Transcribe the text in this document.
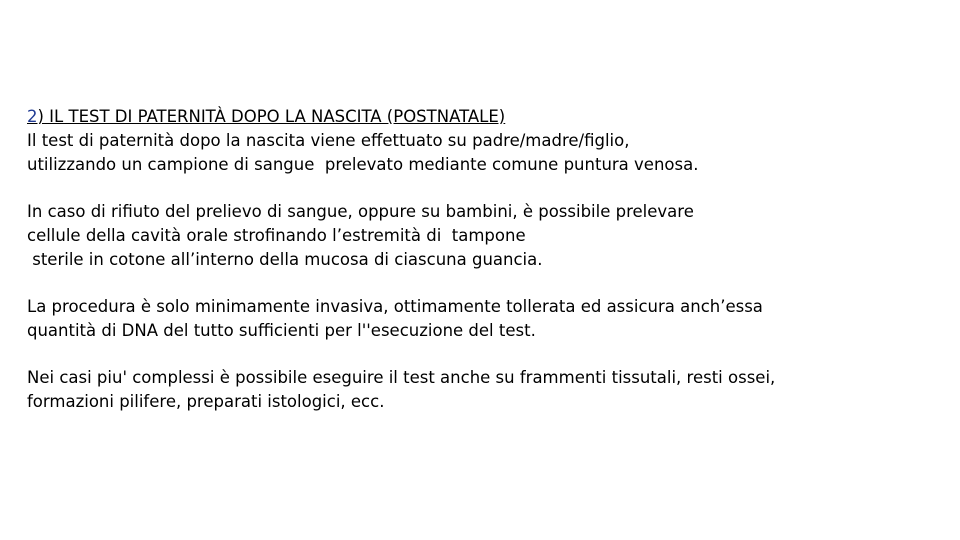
2) IL TEST DI PATERNITÀ DOPO LA NASCITA (POSTNATALE)
Il test di paternità dopo la nascita viene effettuato su padre/madre/figlio,
utilizzando un campione di sangue  prelevato mediante comune puntura venosa.
In caso di rifiuto del prelievo di sangue, oppure su bambini, è possibile prelevare
cellule della cavità orale strofinando l’estremità di  tampone
sterile in cotone all’interno della mucosa di ciascuna guancia.
La procedura è solo minimamente invasiva, ottimamente tollerata ed assicura anch’essa
quantità di DNA del tutto sufficienti per l''esecuzione del test.
Nei casi piu' complessi è possibile eseguire il test anche su frammenti tissutali, resti ossei,
formazioni pilifere, preparati istologici, ecc.
